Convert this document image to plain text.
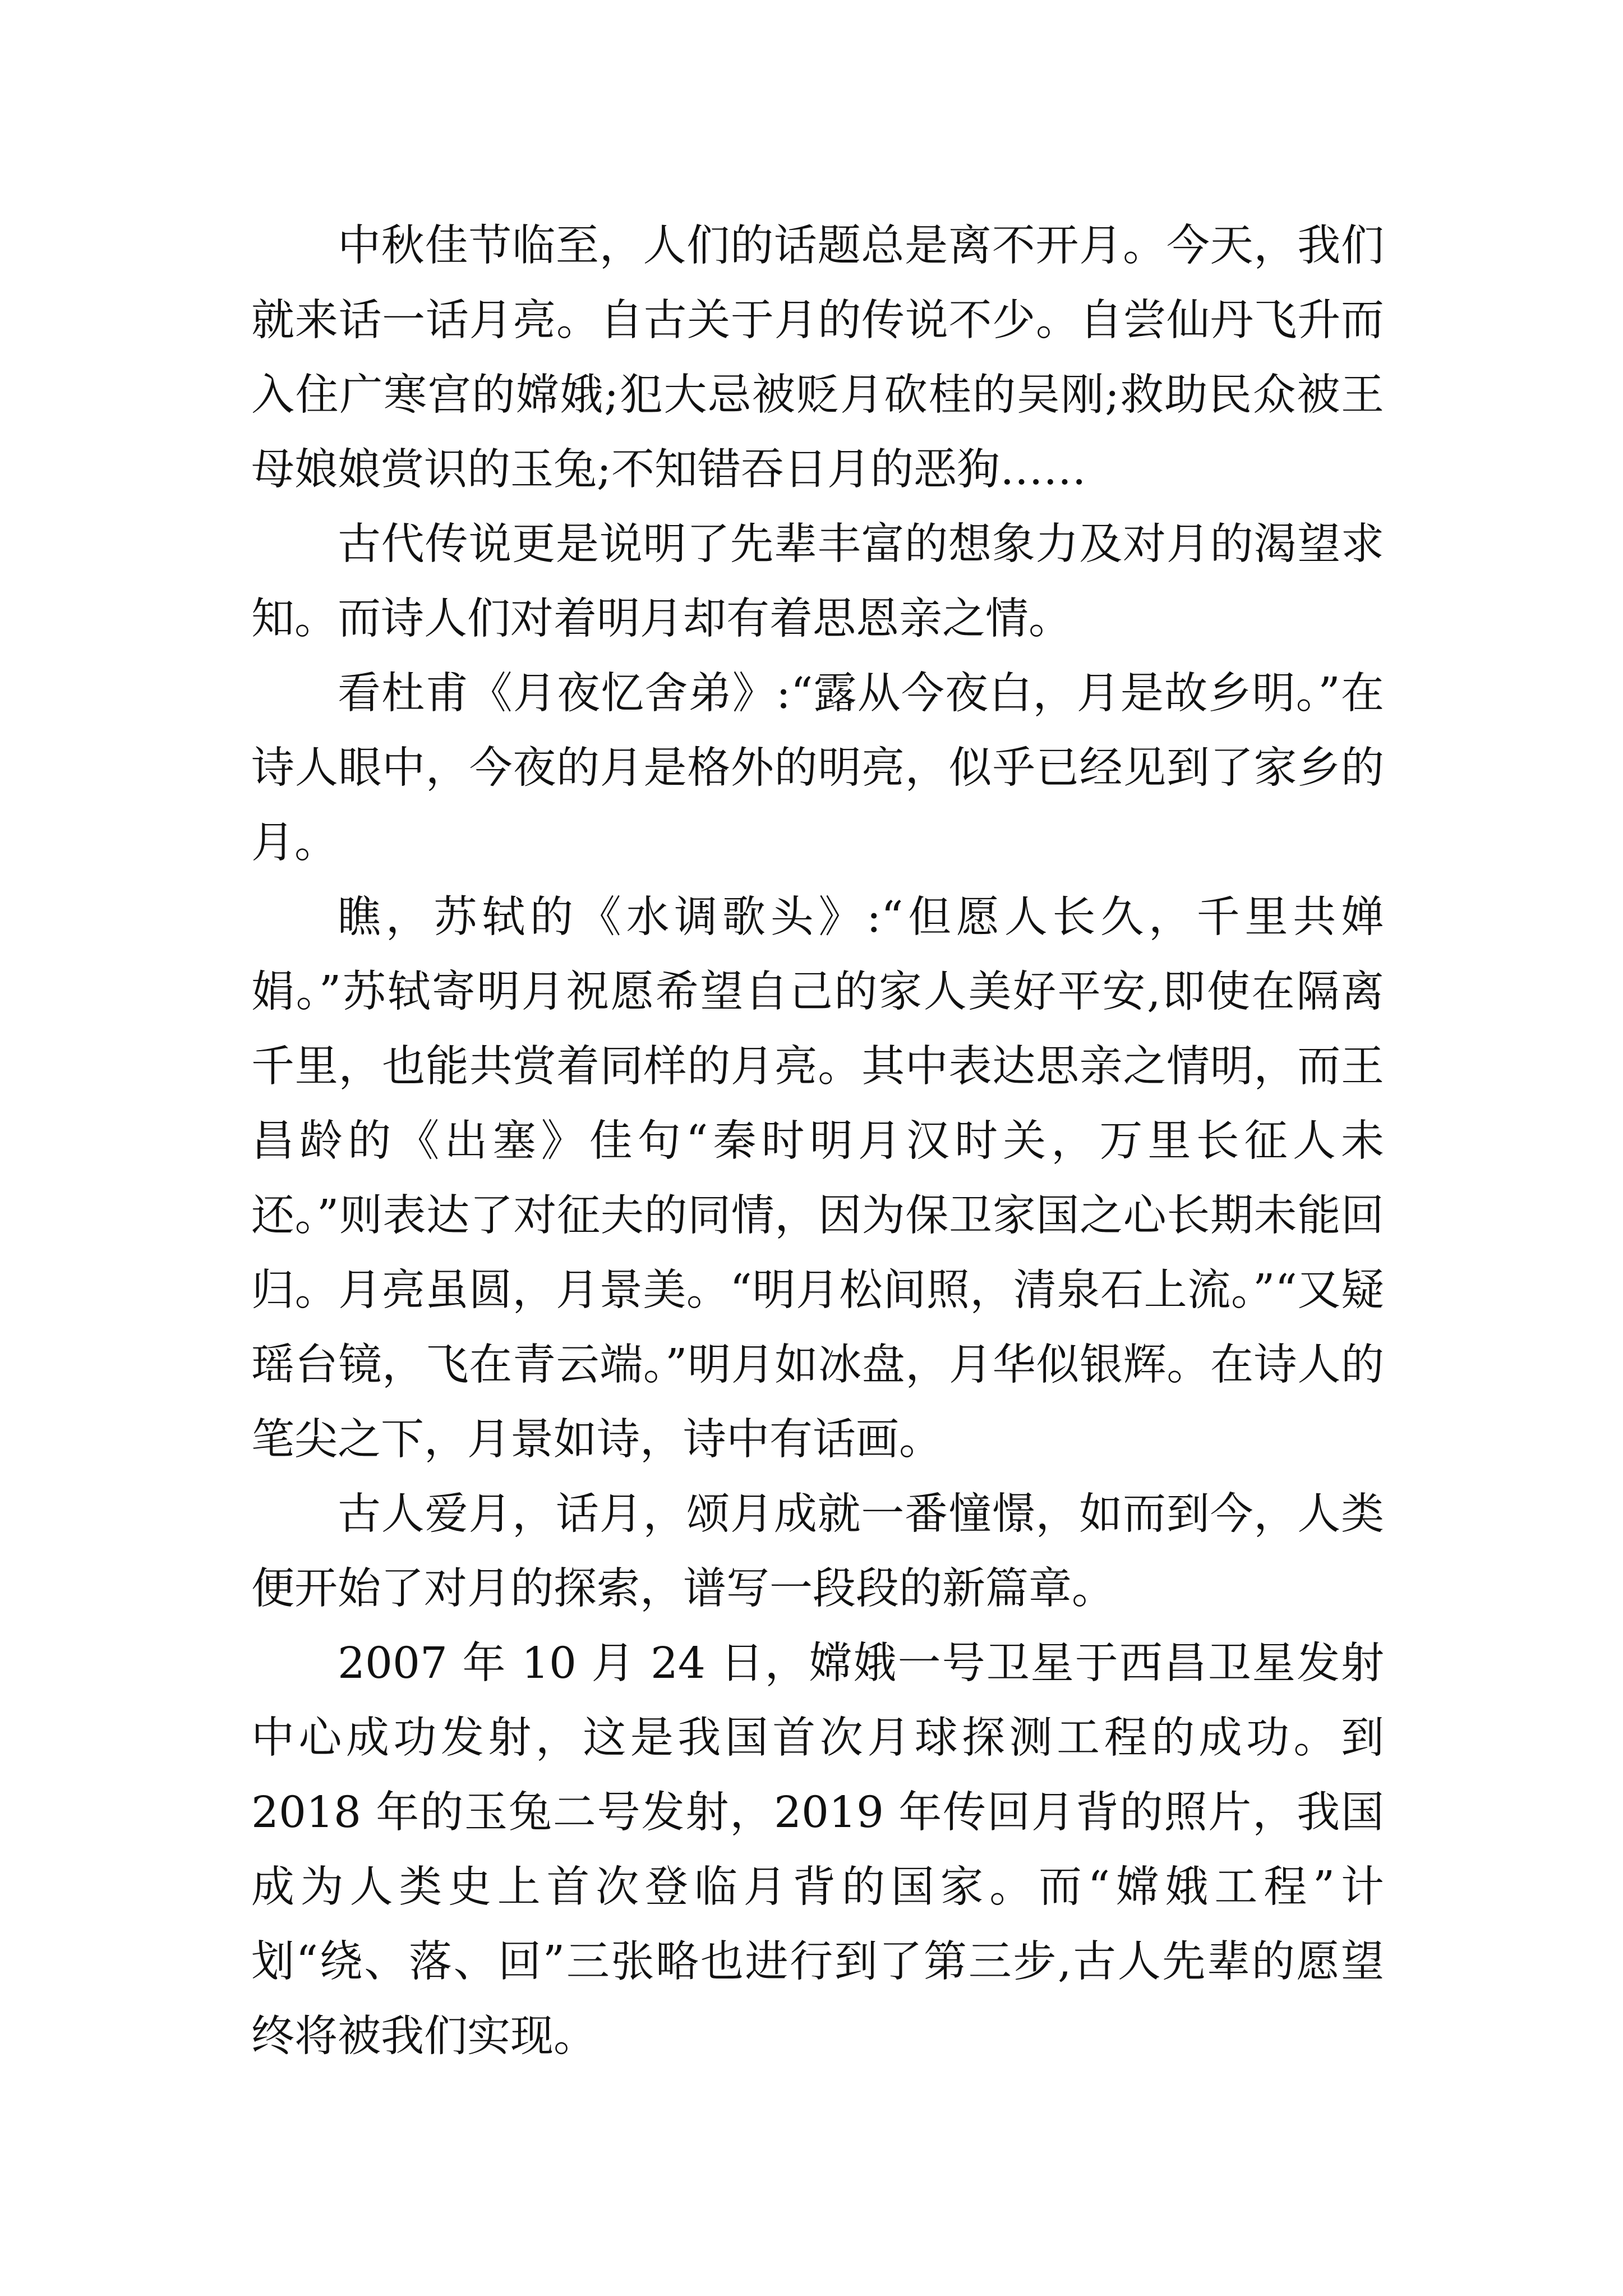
中秋佳节临至，人们的话题总是离不开月。今天，我们就来话一话月亮。自古关于月的传说不少。自尝仙丹飞升而入住广寒宫的嫦娥;犯大忌被贬月砍桂的吴刚;救助民众被王母娘娘赏识的玉兔;不知错吞日月的恶狗……

古代传说更是说明了先辈丰富的想象力及对月的渴望求知。而诗人们对着明月却有着思恩亲之情。

看杜甫《月夜忆舍弟》:“露从今夜白，月是故乡明。”在诗人眼中，今夜的月是格外的明亮，似乎已经见到了家乡的月。

瞧，苏轼的《水调歌头》:“但愿人长久，千里共婵娟。”苏轼寄明月祝愿希望自己的家人美好平安,即使在隔离千里，也能共赏着同样的月亮。其中表达思亲之情明，而王昌龄的《出塞》佳句“秦时明月汉时关，万里长征人未还。”则表达了对征夫的同情，因为保卫家国之心长期未能回归。月亮虽圆，月景美。“明月松间照，清泉石上流。”“又疑瑶台镜，飞在青云端。”明月如冰盘，月华似银辉。在诗人的笔尖之下，月景如诗，诗中有话画。

古人爱月，话月，颂月成就一番憧憬，如而到今，人类便开始了对月的探索，谱写一段段的新篇章。

2007 年 10 月 24 日，嫦娥一号卫星于西昌卫星发射中心成功发射，这是我国首次月球探测工程的成功。到 2018 年的玉兔二号发射，2019 年传回月背的照片，我国成为人类史上首次登临月背的国家。而“嫦娥工程”计划“绕、落、回”三张略也进行到了第三步,古人先辈的愿望终将被我们实现。
